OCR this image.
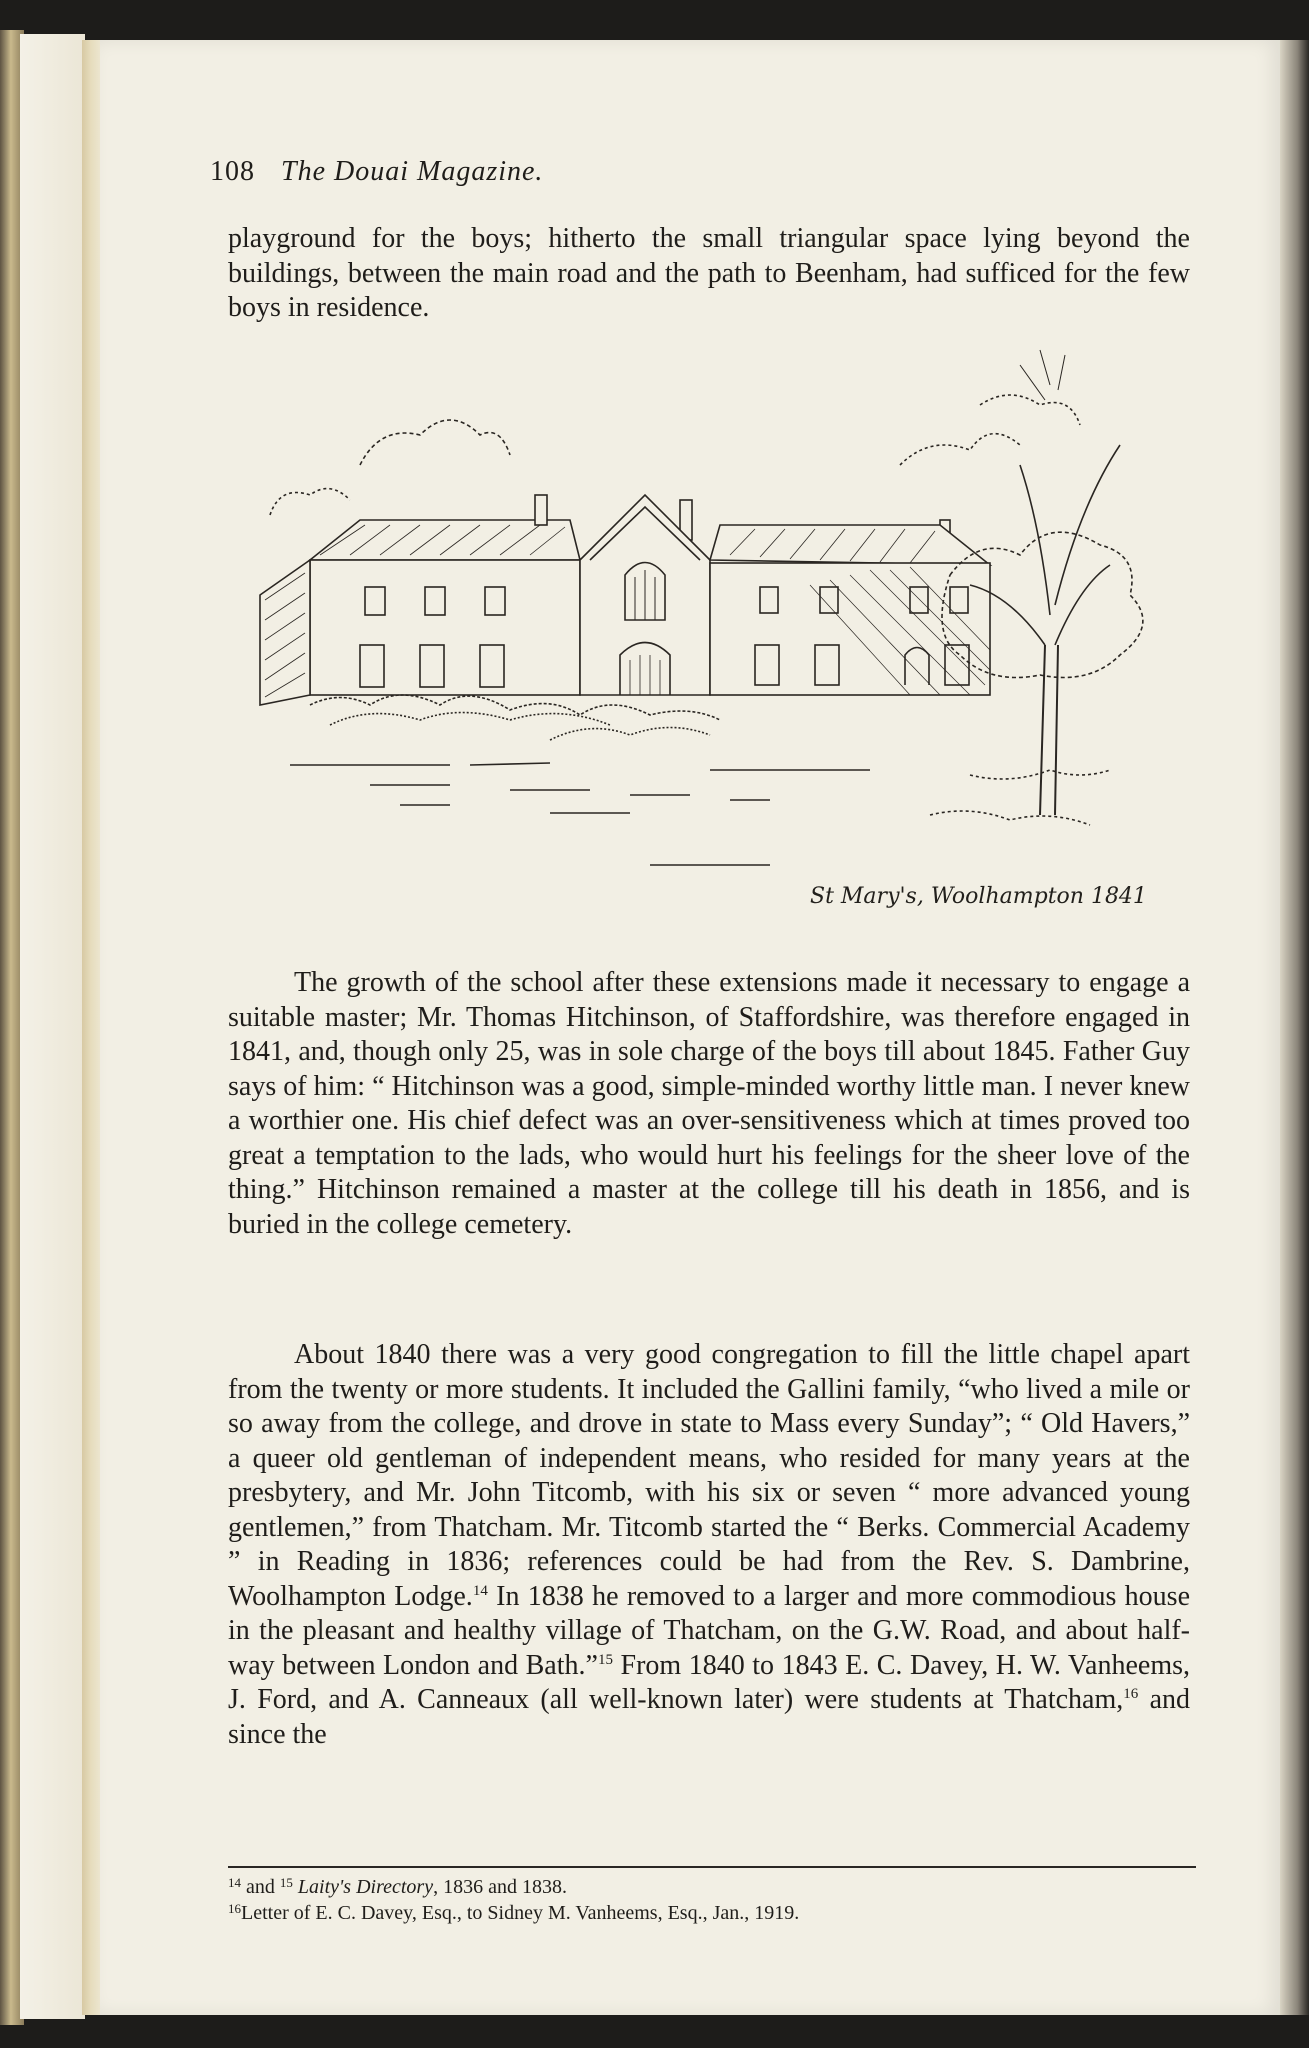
108 The Douai Magazine.

playground for the boys; hitherto the small triangular space lying beyond the buildings, between the main road and the path to Beenham, had sufficed for the few boys in residence.

St Mary's, Woolhampton 1841

The growth of the school after these extensions made it necessary to engage a suitable master; Mr. Thomas Hitchinson, of Staffordshire, was therefore engaged in 1841, and, though only 25, was in sole charge of the boys till about 1845. Father Guy says of him: “ Hitchinson was a good, simple-minded worthy little man. I never knew a worthier one. His chief defect was an over-sensitiveness which at times proved too great a temptation to the lads, who would hurt his feelings for the sheer love of the thing.” Hitchinson remained a master at the college till his death in 1856, and is buried in the college cemetery.

About 1840 there was a very good congregation to fill the little chapel apart from the twenty or more students. It included the Gallini family, “who lived a mile or so away from the college, and drove in state to Mass every Sunday”; “ Old Havers,” a queer old gentleman of independent means, who resided for many years at the presbytery, and Mr. John Titcomb, with his six or seven “ more advanced young gentlemen,” from Thatcham. Mr. Titcomb started the “ Berks. Commercial Academy ” in Reading in 1836; references could be had from the Rev. S. Dambrine, Woolhampton Lodge.$^{14}$ In 1838 he removed to a larger and more commodious house in the pleasant and healthy village of Thatcham, on the G.W. Road, and about half-way between London and Bath.”$^{15}$ From 1840 to 1843 E. C. Davey, H. W. Vanheems, J. Ford, and A. Canneaux (all well-known later) were students at Thatcham,$^{16}$ and since the

$^{14}$ and $^{15}$ Laity's Directory, 1836 and 1838.

$^{16}$Letter of E. C. Davey, Esq., to Sidney M. Vanheems, Esq., Jan., 1919.
